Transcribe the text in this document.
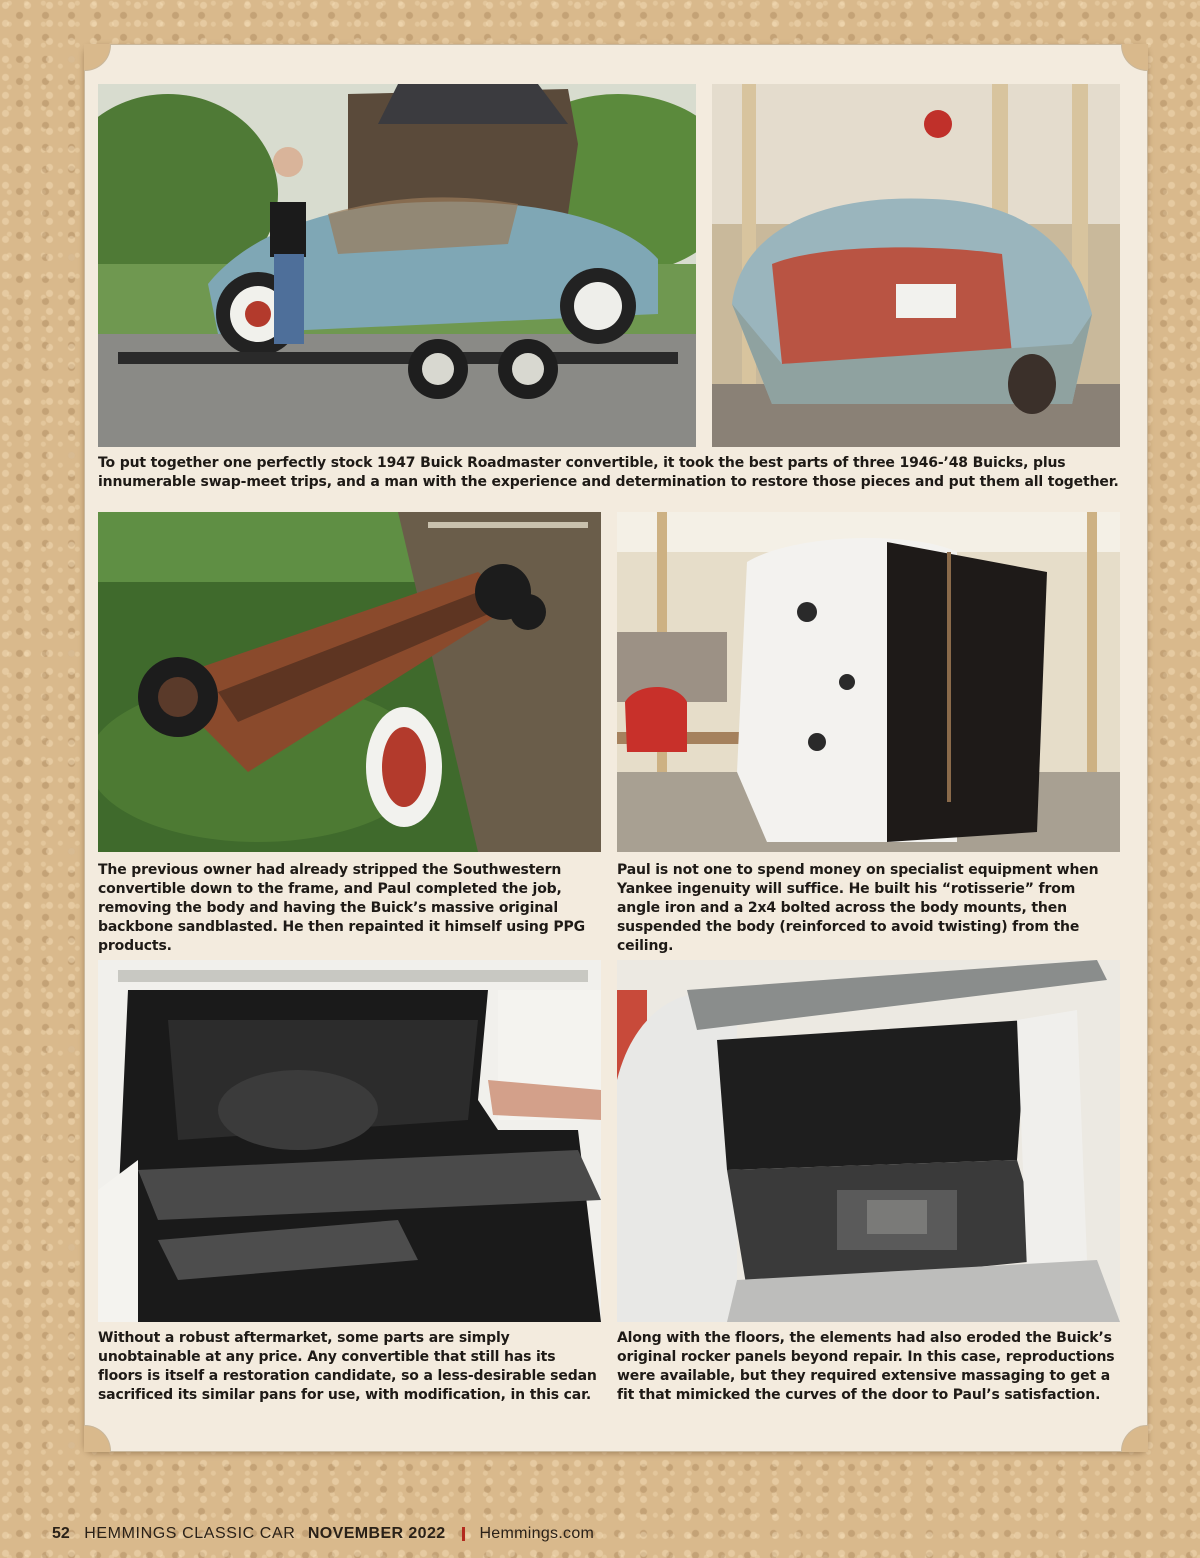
To put together one perfectly stock 1947 Buick Roadmaster convertible, it took the best parts of three 1946-’48 Buicks, plus innumerable swap-meet trips, and a man with the experience and determination to restore those pieces and put them all together.

The previous owner had already stripped the Southwestern convertible down to the frame, and Paul completed the job, removing the body and having the Buick’s massive original backbone sandblasted. He then repainted it himself using PPG products.

Paul is not one to spend money on specialist equipment when Yankee ingenuity will suffice. He built his “rotisserie” from angle iron and a 2x4 bolted across the body mounts, then suspended the body (reinforced to avoid twisting) from the ceiling.

Without a robust aftermarket, some parts are simply unobtainable at any price. Any convertible that still has its floors is itself a restoration candidate, so a less-desirable sedan sacrificed its similar pans for use, with modification, in this car.

Along with the floors, the elements had also eroded the Buick’s original rocker panels beyond repair. In this case, reproductions were available, but they required extensive massaging to get a fit that mimicked the curves of the door to Paul’s satisfaction.

52 HEMMINGS CLASSIC CAR NOVEMBER 2022 Hemmings.com
